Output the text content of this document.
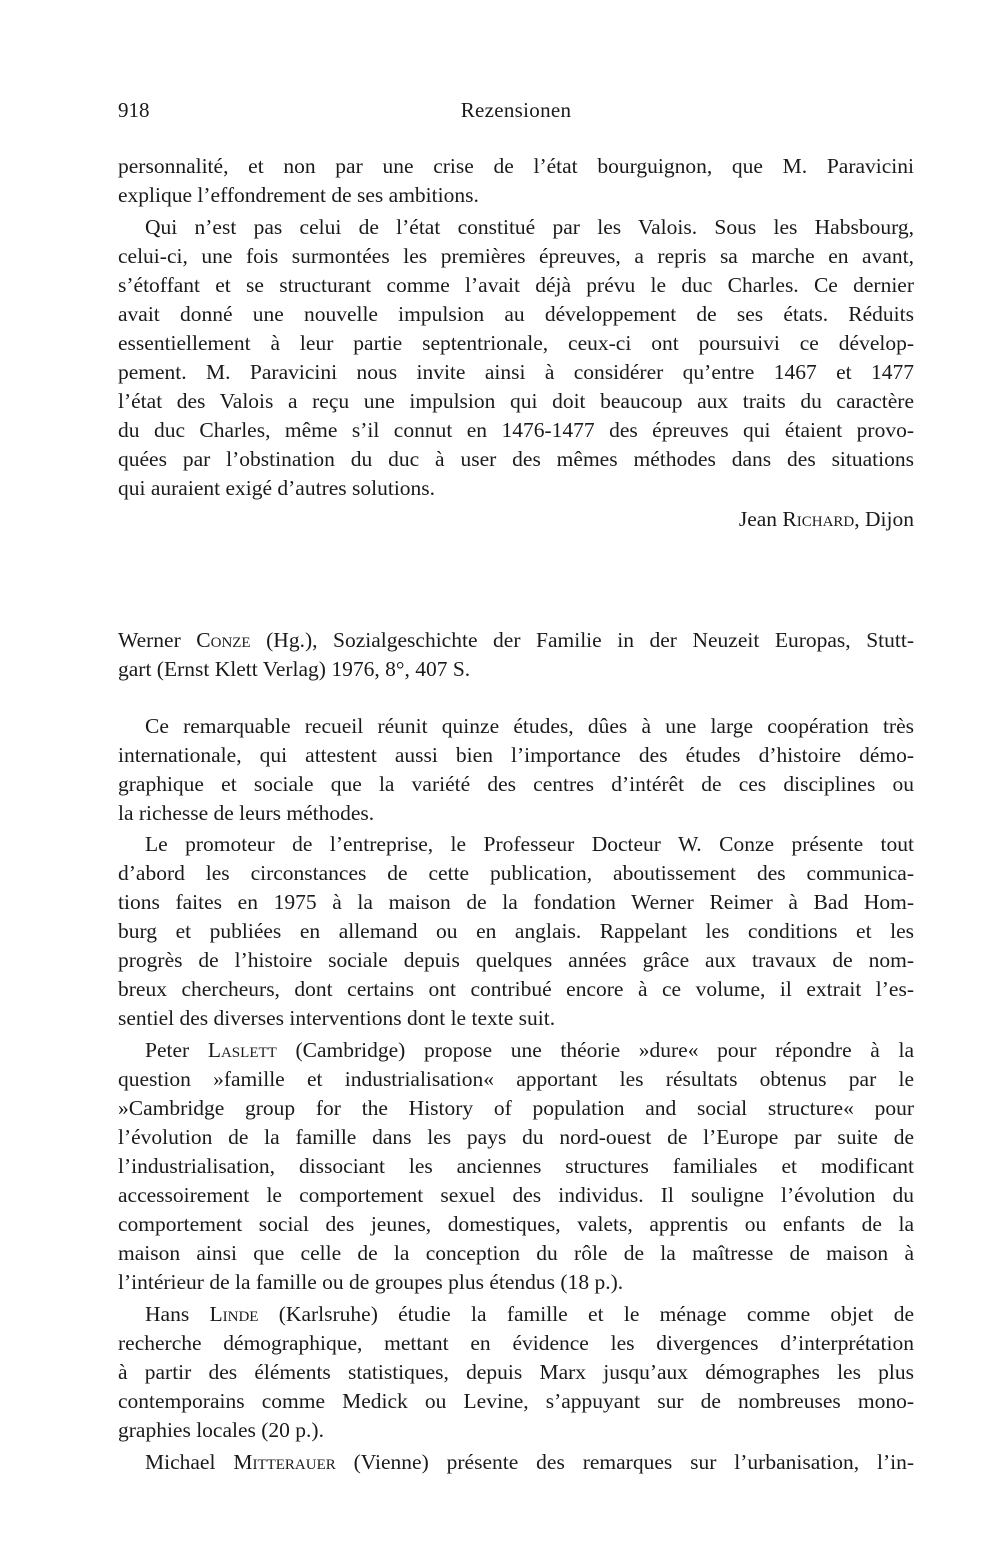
918	Rezensionen
personnalité, et non par une crise de l’état bourguignon, que M. Paravicini
explique l’effondrement de ses ambitions.
Qui n’est pas celui de l’état constitué par les Valois. Sous les Habsbourg,
celui-ci, une fois surmontées les premières épreuves, a repris sa marche en avant,
s’étoffant et se structurant comme l’avait déjà prévu le duc Charles. Ce dernier
avait donné une nouvelle impulsion au développement de ses états. Réduits
essentiellement à leur partie septentrionale, ceux-ci ont poursuivi ce dévelop-
pement. M. Paravicini nous invite ainsi à considérer qu’entre 1467 et 1477
l’état des Valois a reçu une impulsion qui doit beaucoup aux traits du caractère
du duc Charles, même s’il connut en 1476-1477 des épreuves qui étaient provo-
quées par l’obstination du duc à user des mêmes méthodes dans des situations
qui auraient exigé d’autres solutions.
Jean Richard, Dijon
Werner Conze (Hg.), Sozialgeschichte der Familie in der Neuzeit Europas, Stutt-
gart (Ernst Klett Verlag) 1976, 8°, 407 S.
Ce remarquable recueil réunit quinze études, dûes à une large coopération très
internationale, qui attestent aussi bien l’importance des études d’histoire démo-
graphique et sociale que la variété des centres d’intérêt de ces disciplines ou
la richesse de leurs méthodes.
Le promoteur de l’entreprise, le Professeur Docteur W. Conze présente tout
d’abord les circonstances de cette publication, aboutissement des communica-
tions faites en 1975 à la maison de la fondation Werner Reimer à Bad Hom-
burg et publiées en allemand ou en anglais. Rappelant les conditions et les
progrès de l’histoire sociale depuis quelques années grâce aux travaux de nom-
breux chercheurs, dont certains ont contribué encore à ce volume, il extrait l’es-
sentiel des diverses interventions dont le texte suit.
Peter Laslett (Cambridge) propose une théorie »dure« pour répondre à la
question »famille et industrialisation« apportant les résultats obtenus par le
»Cambridge group for the History of population and social structure« pour
l’évolution de la famille dans les pays du nord-ouest de l’Europe par suite de
l’industrialisation, dissociant les anciennes structures familiales et modificant
accessoirement le comportement sexuel des individus. Il souligne l’évolution du
comportement social des jeunes, domestiques, valets, apprentis ou enfants de la
maison ainsi que celle de la conception du rôle de la maîtresse de maison à
l’intérieur de la famille ou de groupes plus étendus (18 p.).
Hans Linde (Karlsruhe) étudie la famille et le ménage comme objet de
recherche démographique, mettant en évidence les divergences d’interprétation
à partir des éléments statistiques, depuis Marx jusqu’aux démographes les plus
contemporains comme Medick ou Levine, s’appuyant sur de nombreuses mono-
graphies locales (20 p.).
Michael Mitterauer (Vienne) présente des remarques sur l’urbanisation, l’in-
